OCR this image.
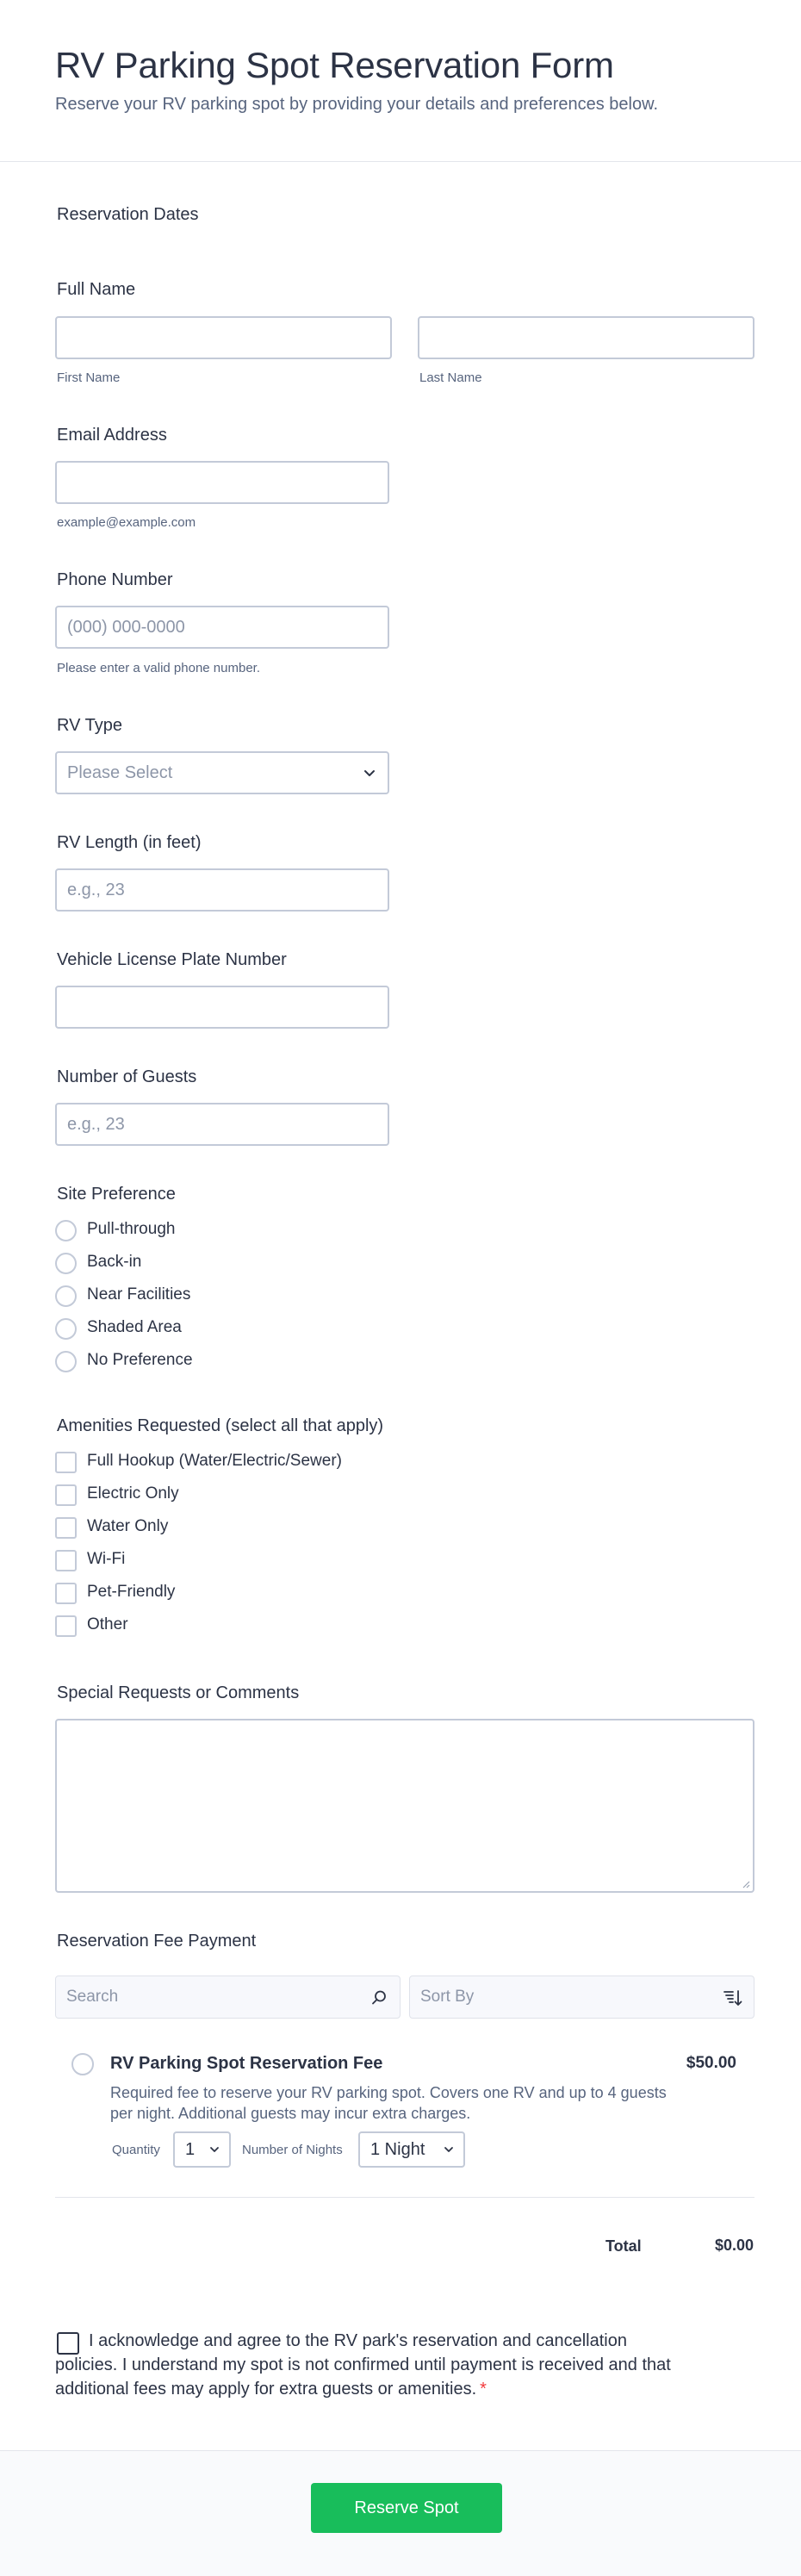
RV Parking Spot Reservation Form
Reserve your RV parking spot by providing your details and preferences below.
Reservation Dates
Full Name
First Name	Last Name
Email Address
example@example.com
Phone Number
(000) 000-0000
Please enter a valid phone number.
RV Type
Please Select
RV Length (in feet)
e.g., 23
Vehicle License Plate Number
Number of Guests
e.g., 23
Site Preference
Pull-through
Back-in
Near Facilities
Shaded Area
No Preference
Amenities Requested (select all that apply)
Full Hookup (Water/Electric/Sewer)
Electric Only
Water Only
Wi-Fi
Pet-Friendly
Other
Special Requests or Comments
Reservation Fee Payment
Search	Sort By
RV Parking Spot Reservation Fee	$50.00
Required fee to reserve your RV parking spot. Covers one RV and up to 4 guests per night. Additional guests may incur extra charges.
Quantity 1	Number of Nights 1 Night
Total	$0.00
I acknowledge and agree to the RV park's reservation and cancellation policies. I understand my spot is not confirmed until payment is received and that additional fees may apply for extra guests or amenities. *
Reserve Spot
